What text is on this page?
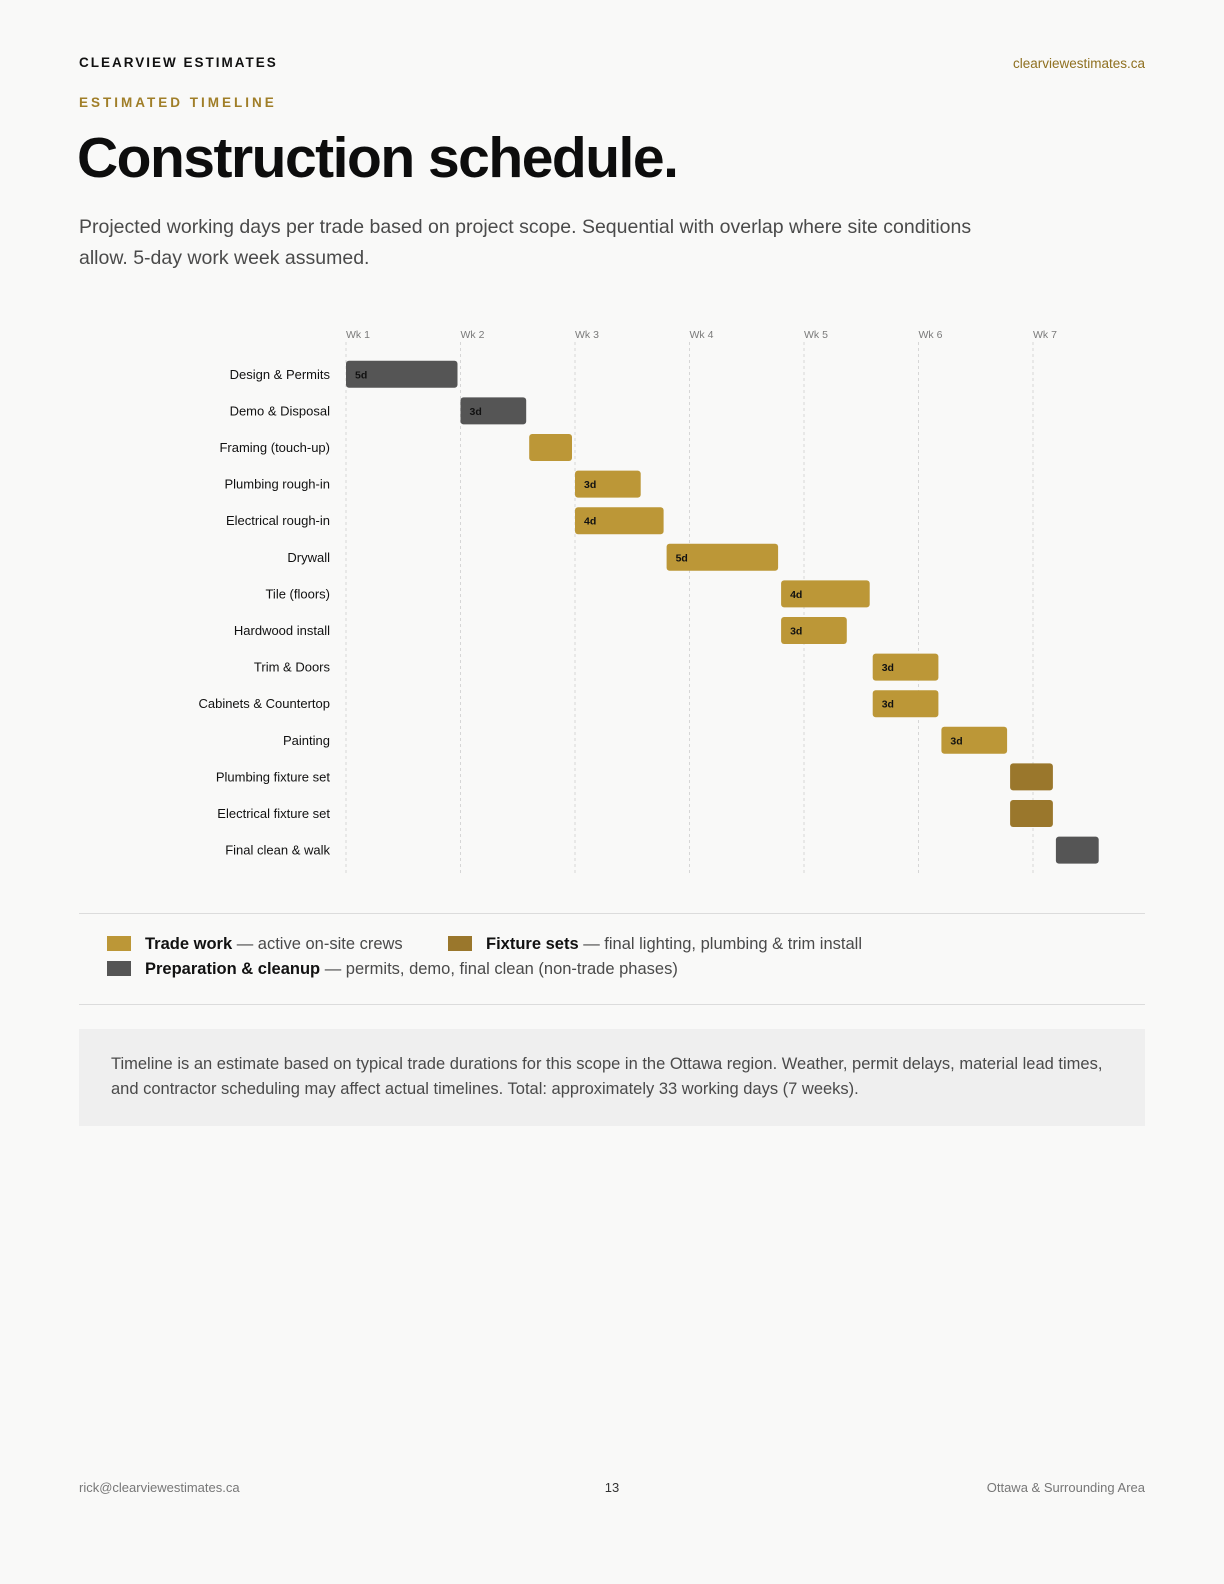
CLEARVIEW ESTIMATES	clearviewestimates.ca
ESTIMATED TIMELINE
Construction schedule.

Projected working days per trade based on project scope. Sequential with overlap where site conditions allow. 5-day work week assumed.

Wk 1	Wk 2	Wk 3	Wk 4	Wk 5	Wk 6	Wk 7
Design & Permits 5d
Demo & Disposal	3d
Framing (touch-up)
Plumbing rough-in	3d
Electrical rough-in	4d
Drywall	5d
Tile (floors)	4d
Hardwood install	3d
Trim & Doors	3d
Cabinets & Countertop	3d
Painting	3d
Plumbing fixture set
Electrical fixture set
Final clean & walk
Trade work — active on-site crews	Fixture sets — final lighting, plumbing & trim install
Preparation & cleanup — permits, demo, final clean (non-trade phases)

Timeline is an estimate based on typical trade durations for this scope in the Ottawa region. Weather, permit delays, material lead times, and contractor scheduling may affect actual timelines. Total: approximately 33 working days (7 weeks).

rick@clearviewestimates.ca	13	Ottawa & Surrounding Area
